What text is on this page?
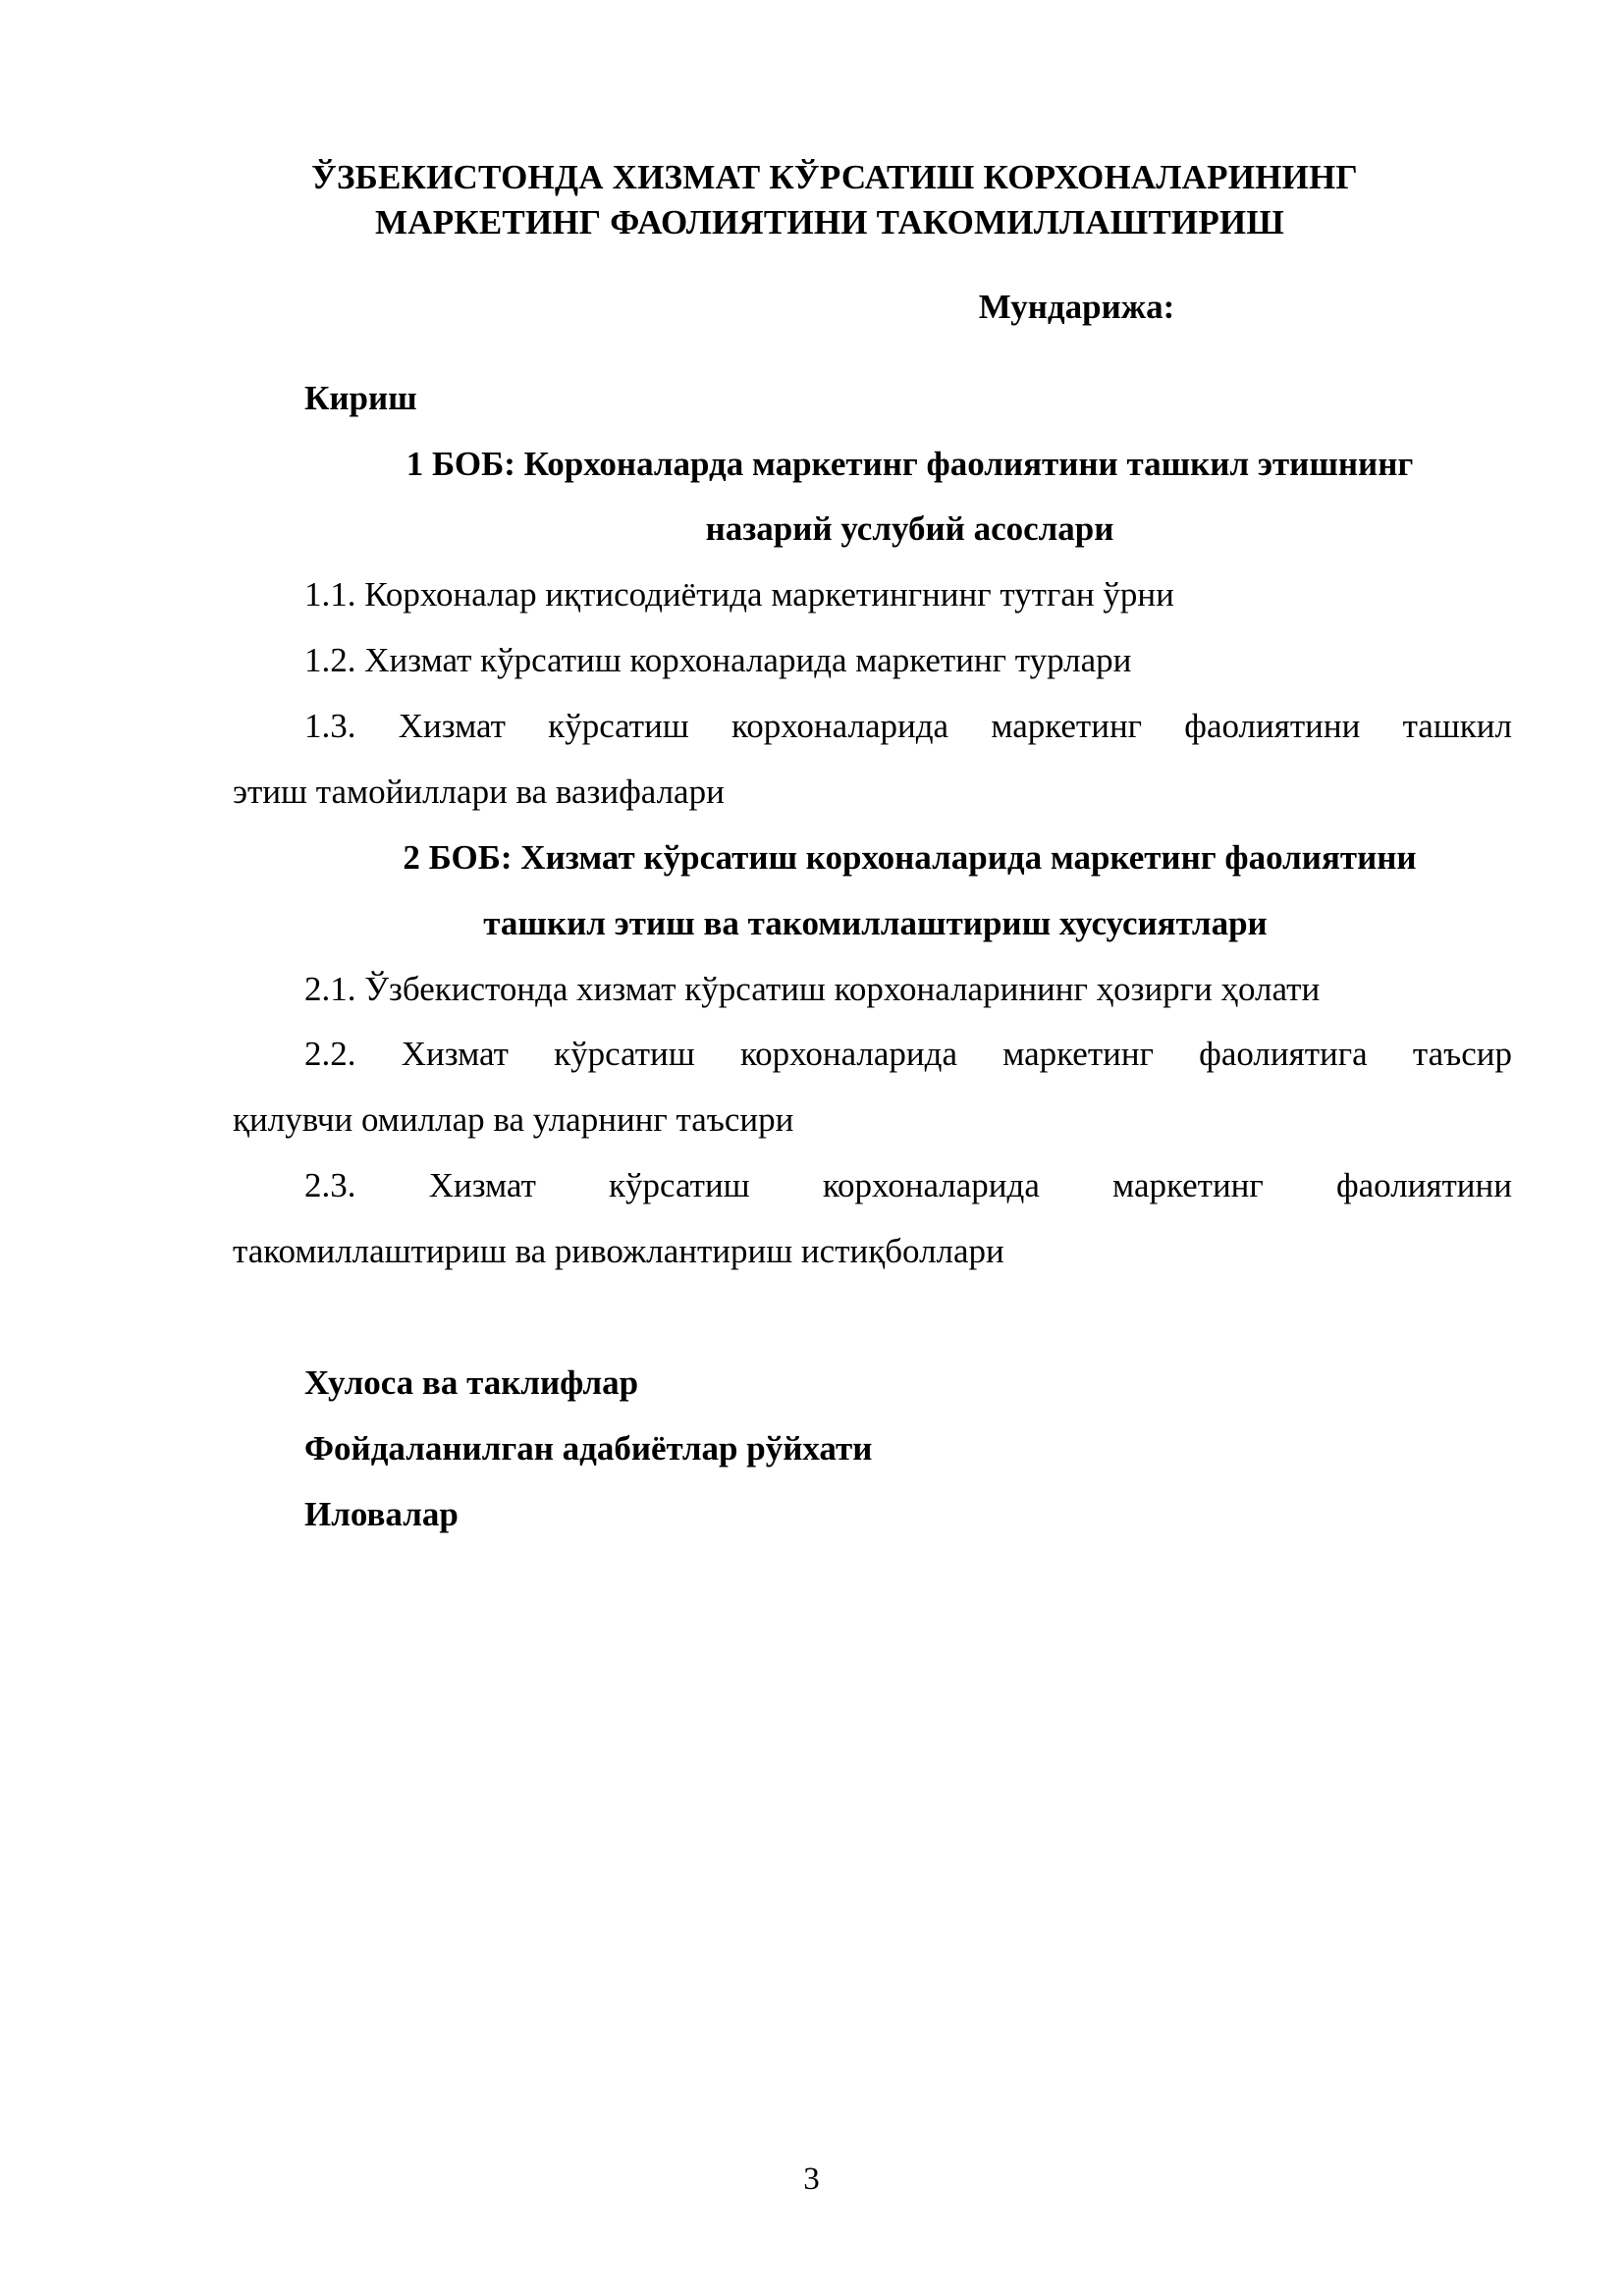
ЎЗБЕКИСТОНДА ХИЗМАТ КЎРСАТИШ КОРХОНАЛАРИНИНГ
МАРКЕТИНГ ФАОЛИЯТИНИ ТАКОМИЛЛАШТИРИШ
Мундарижа:
Кириш
1 БОБ: Корхоналарда маркетинг фаолиятини ташкил этишнинг
назарий услубий асослари
1.1. Корхоналар иқтисодиётида маркетингнинг тутган ўрни
1.2. Хизмат кўрсатиш корхоналарида маркетинг турлари
1.3. Хизмат кўрсатиш корхоналарида маркетинг фаолиятини ташкил
этиш тамойиллари ва вазифалари
2 БОБ: Хизмат кўрсатиш корхоналарида маркетинг фаолиятини
ташкил этиш ва такомиллаштириш хусусиятлари
2.1. Ўзбекистонда хизмат кўрсатиш корхоналарининг ҳозирги ҳолати
2.2. Хизмат кўрсатиш корхоналарида маркетинг фаолиятига таъсир
қилувчи омиллар ва уларнинг таъсири
2.3. Хизмат кўрсатиш корхоналарида маркетинг фаолиятини
такомиллаштириш ва ривожлантириш истиқболлари
Хулоса ва таклифлар
Фойдаланилган адабиётлар рўйхати
Иловалар
3
